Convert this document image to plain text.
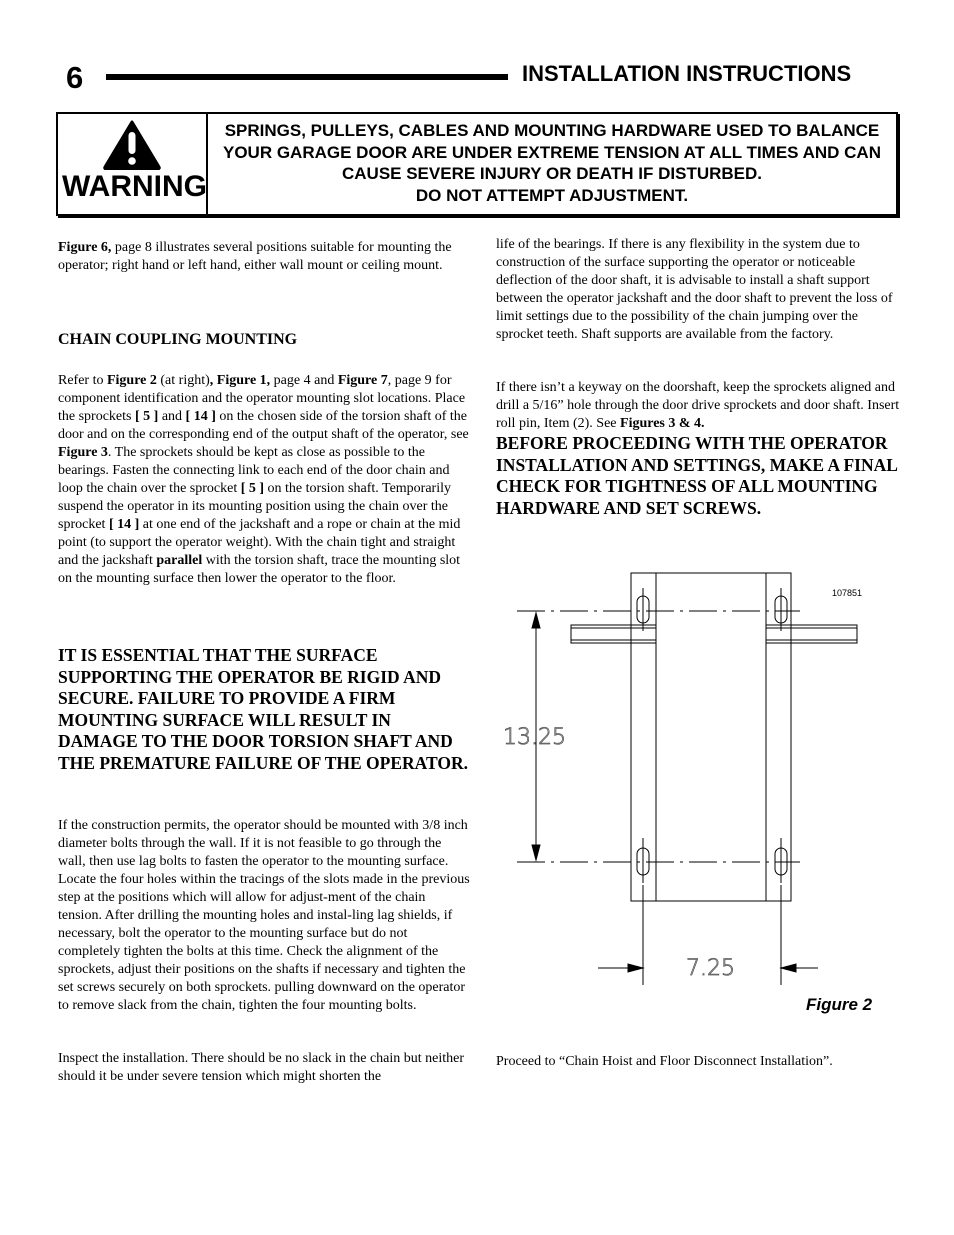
6	INSTALLATION INSTRUCTIONS
WARNING
SPRINGS, PULLEYS, CABLES AND MOUNTING HARDWARE USED TO BALANCE YOUR GARAGE DOOR ARE UNDER EXTREME TENSION AT ALL TIMES AND CAN CAUSE SEVERE INJURY OR DEATH IF DISTURBED.
DO NOT ATTEMPT ADJUSTMENT.
Figure 6, page 8 illustrates several positions suitable for mounting the operator; right hand or left hand, either wall mount or ceiling mount.
CHAIN COUPLING MOUNTING
Refer to Figure 2 (at right), Figure 1, page 4 and Figure 7, page 9 for component identification and the operator mounting slot locations. Place the sprockets [ 5 ] and [ 14 ] on the chosen side of the torsion shaft of the door and on the corresponding end of the output shaft of the operator, see Figure 3. The sprockets should be kept as close as possible to the bearings. Fasten the connecting link to each end of the door chain and loop the chain over the sprocket [ 5 ] on the torsion shaft. Temporarily suspend the operator in its mounting position using the chain over the sprocket [ 14 ] at one end of the jackshaft and a rope or chain at the mid point (to support the operator weight). With the chain tight and straight and the jackshaft parallel with the torsion shaft, trace the mounting slot on the mounting surface then lower the operator to the floor.
IT IS ESSENTIAL THAT THE SURFACE SUPPORTING THE OPERATOR BE RIGID AND SECURE. FAILURE TO PROVIDE A FIRM MOUNTING SURFACE WILL RESULT IN DAMAGE TO THE DOOR TORSION SHAFT AND THE PREMATURE FAILURE OF THE OPERATOR.
If the construction permits, the operator should be mounted with 3/8 inch diameter bolts through the wall. If it is not feasible to go through the wall, then use lag bolts to fasten the operator to the mounting surface. Locate the four holes within the tracings of the slots made in the previous step at the positions which will allow for adjust-ment of the chain tension. After drilling the mounting holes and instal-ling lag shields, if necessary, bolt the operator to the mounting surface but do not completely tighten the bolts at this time. Check the alignment of the sprockets, adjust their positions on the shafts if necessary and tighten the set screws securely on both sprockets. pulling downward on the operator to remove slack from the chain, tighten the four mounting bolts.
Inspect the installation. There should be no slack in the chain but neither should it be under severe tension which might shorten the
life of the bearings. If there is any flexibility in the system due to construction of the surface supporting the operator or noticeable deflection of the door shaft, it is advisable to install a shaft support between the operator jackshaft and the door shaft to prevent the loss of limit settings due to the possibility of the chain jumping over the sprocket teeth. Shaft supports are available from the factory.
If there isn’t a keyway on the doorshaft, keep the sprockets aligned and drill a 5/16” hole through the door drive sprockets and door shaft. Insert roll pin, Item (2). See Figures 3 & 4.
BEFORE PROCEEDING WITH THE OPERATOR INSTALLATION AND SETTINGS, MAKE A FINAL CHECK FOR TIGHTNESS OF ALL MOUNTING HARDWARE AND SET SCREWS.
13.25
7.25
107851
Figure 2
Proceed to “Chain Hoist and Floor Disconnect Installation”.
